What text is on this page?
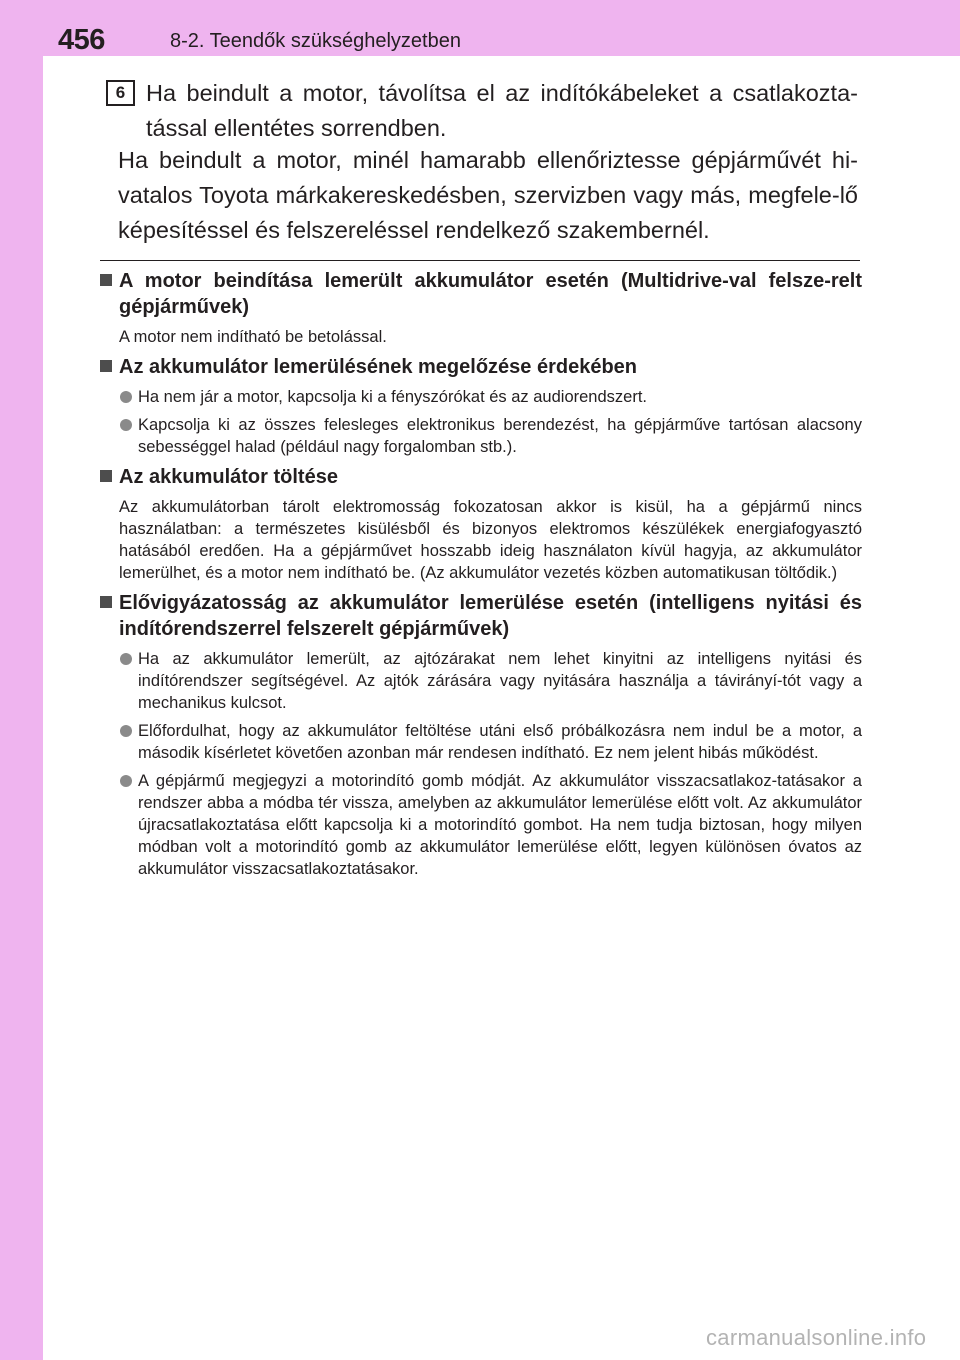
456	8-2. Teendők szükséghelyzetben
6 Ha beindult a motor, távolítsa el az indítókábeleket a csatlakozta-tással ellentétes sorrendben.
Ha beindult a motor, minél hamarabb ellenőriztesse gépjárművét hi-vatalos Toyota márkakereskedésben, szervizben vagy más, megfele-lő képesítéssel és felszereléssel rendelkező szakembernél.
A motor beindítása lemerült akkumulátor esetén (Multidrive-val felsze-relt gépjárművek)
A motor nem indítható be betolással.
Az akkumulátor lemerülésének megelőzése érdekében
Ha nem jár a motor, kapcsolja ki a fényszórókat és az audiorendszert.
Kapcsolja ki az összes felesleges elektronikus berendezést, ha gépjárműve tartósan alacsony sebességgel halad (például nagy forgalomban stb.).
Az akkumulátor töltése
Az akkumulátorban tárolt elektromosság fokozatosan akkor is kisül, ha a gépjármű nincs használatban: a természetes kisülésből és bizonyos elektromos készülékek energiafogyasztó hatásából eredően. Ha a gépjárművet hosszabb ideig használaton kívül hagyja, az akkumulátor lemerülhet, és a motor nem indítható be. (Az akkumulátor vezetés közben automatikusan töltődik.)
Elővigyázatosság az akkumulátor lemerülése esetén (intelligens nyitási és indítórendszerrel felszerelt gépjárművek)
Ha az akkumulátor lemerült, az ajtózárakat nem lehet kinyitni az intelligens nyitási és indítórendszer segítségével. Az ajtók zárására vagy nyitására használja a távirányí-tót vagy a mechanikus kulcsot.
Előfordulhat, hogy az akkumulátor feltöltése utáni első próbálkozásra nem indul be a motor, a második kísérletet követően azonban már rendesen indítható. Ez nem jelent hibás működést.
A gépjármű megjegyzi a motorindító gomb módját. Az akkumulátor visszacsatlakoz-tatásakor a rendszer abba a módba tér vissza, amelyben az akkumulátor lemerülése előtt volt. Az akkumulátor újracsatlakoztatása előtt kapcsolja ki a motorindító gombot. Ha nem tudja biztosan, hogy milyen módban volt a motorindító gomb az akkumulátor lemerülése előtt, legyen különösen óvatos az akkumulátor visszacsatlakoztatásakor.
carmanualsonline.info
